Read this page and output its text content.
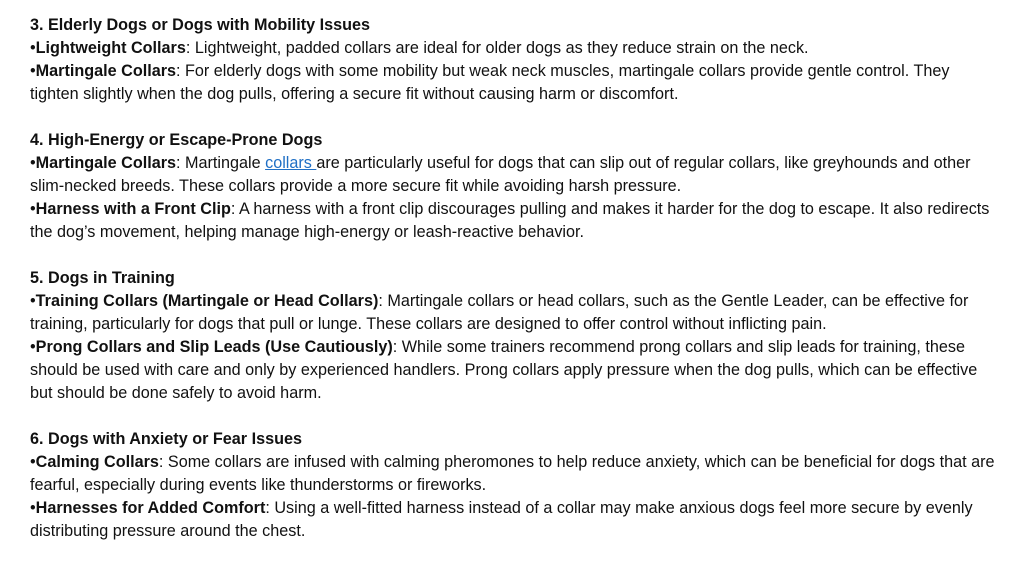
3. Elderly Dogs or Dogs with Mobility Issues
•Lightweight Collars: Lightweight, padded collars are ideal for older dogs as they reduce strain on the neck.
•Martingale Collars: For elderly dogs with some mobility but weak neck muscles, martingale collars provide gentle control. They tighten slightly when the dog pulls, offering a secure fit without causing harm or discomfort.
4. High-Energy or Escape-Prone Dogs
•Martingale Collars: Martingale collars are particularly useful for dogs that can slip out of regular collars, like greyhounds and other slim-necked breeds. These collars provide a more secure fit while avoiding harsh pressure.
•Harness with a Front Clip: A harness with a front clip discourages pulling and makes it harder for the dog to escape. It also redirects the dog’s movement, helping manage high-energy or leash-reactive behavior.
5. Dogs in Training
•Training Collars (Martingale or Head Collars): Martingale collars or head collars, such as the Gentle Leader, can be effective for training, particularly for dogs that pull or lunge. These collars are designed to offer control without inflicting pain.
•Prong Collars and Slip Leads (Use Cautiously): While some trainers recommend prong collars and slip leads for training, these should be used with care and only by experienced handlers. Prong collars apply pressure when the dog pulls, which can be effective but should be done safely to avoid harm.
6. Dogs with Anxiety or Fear Issues
•Calming Collars: Some collars are infused with calming pheromones to help reduce anxiety, which can be beneficial for dogs that are fearful, especially during events like thunderstorms or fireworks.
•Harnesses for Added Comfort: Using a well-fitted harness instead of a collar may make anxious dogs feel more secure by evenly distributing pressure around the chest.
